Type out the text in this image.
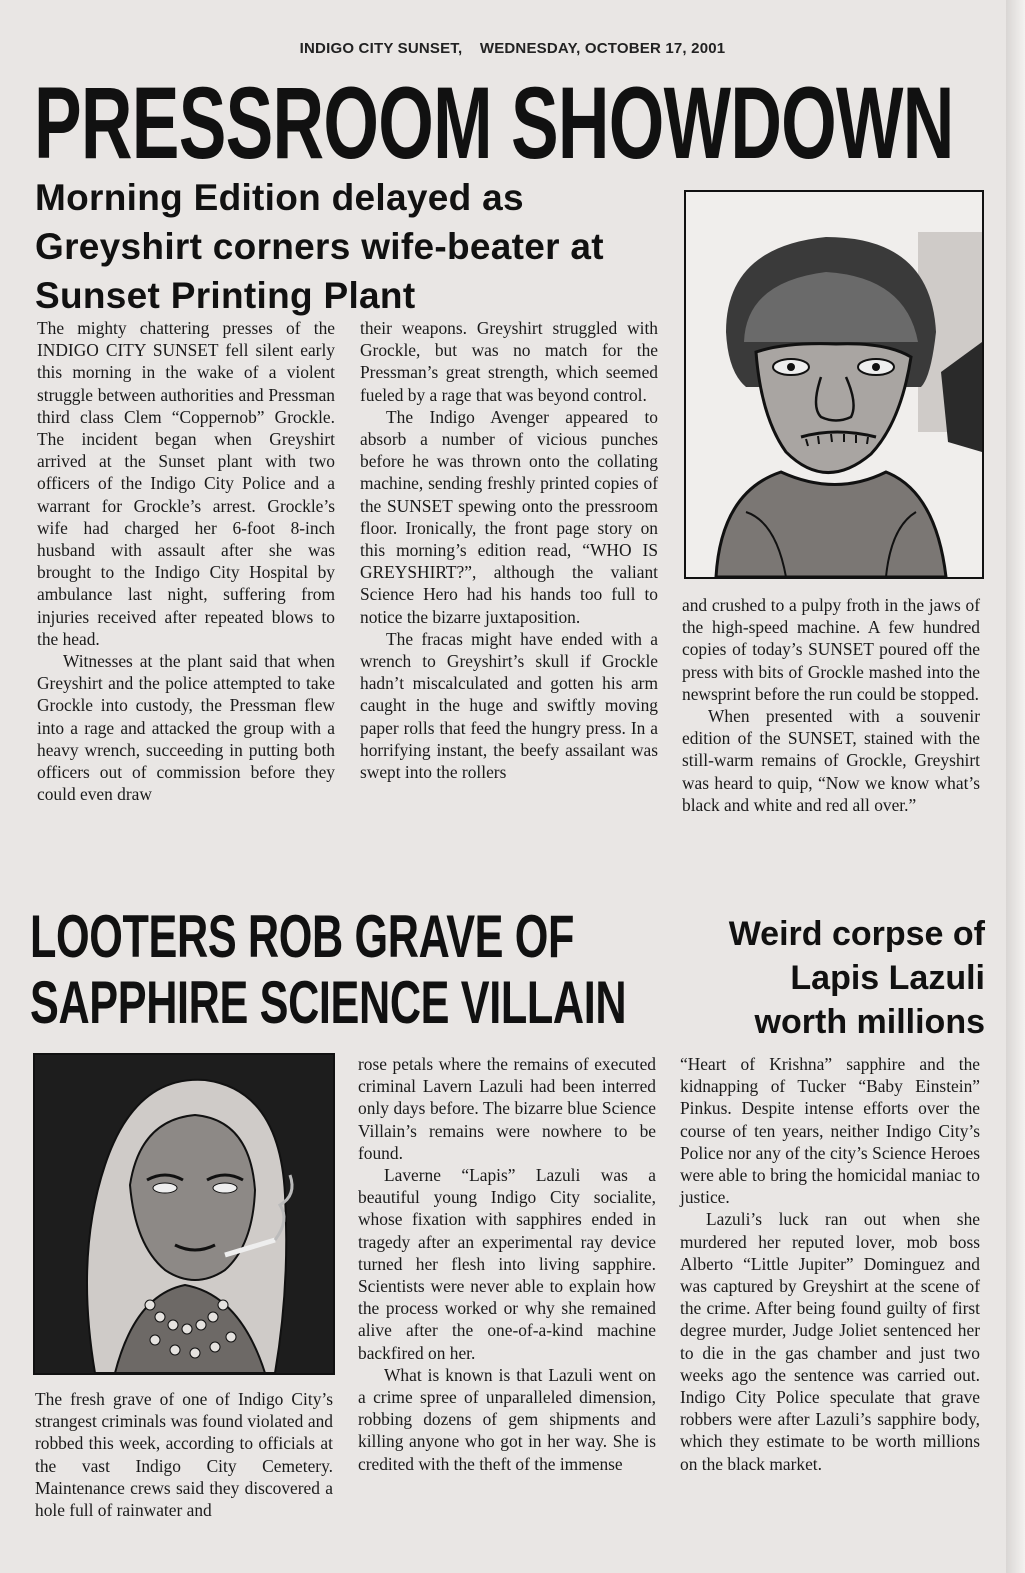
INDIGO CITY SUNSET,    WEDNESDAY, OCTOBER 17, 2001
PRESSROOM SHOWDOWN
Morning Edition delayed as Greyshirt corners wife-beater at Sunset Printing Plant

The mighty chattering presses of the INDIGO CITY SUNSET fell silent early this morning in the wake of a violent struggle between authorities and Pressman third class Clem “Coppernob” Grockle. The incident began when Greyshirt arrived at the Sunset plant with two officers of the Indigo City Police and a warrant for Grockle’s arrest. Grockle’s wife had charged her 6-foot 8-inch husband with assault after she was brought to the Indigo City Hospital by ambulance last night, suffering from injuries received after repeated blows to the head.

Witnesses at the plant said that when Greyshirt and the police attempted to take Grockle into custody, the Pressman flew into a rage and attacked the group with a heavy wrench, succeeding in putting both officers out of commission before they could even draw

their weapons. Greyshirt struggled with Grockle, but was no match for the Pressman’s great strength, which seemed fueled by a rage that was beyond control.

The Indigo Avenger appeared to absorb a number of vicious punches before he was thrown onto the collating machine, sending freshly printed copies of the SUNSET spewing onto the pressroom floor. Ironically, the front page story on this morning’s edition read, “WHO IS GREYSHIRT?”, although the valiant Science Hero had his hands too full to notice the bizarre juxtaposition.

The fracas might have ended with a wrench to Greyshirt’s skull if Grockle hadn’t miscalculated and gotten his arm caught in the huge and swiftly moving paper rolls that feed the hungry press. In a horrifying instant, the beefy assailant was swept into the rollers

and crushed to a pulpy froth in the jaws of the high-speed machine. A few hundred copies of today’s SUNSET poured off the press with bits of Grockle mashed into the newsprint before the run could be stopped.

When presented with a souvenir edition of the SUNSET, stained with the still-warm remains of Grockle, Greyshirt was heard to quip, “Now we know what’s black and white and red all over.”

LOOTERS ROB GRAVE OF
SAPPHIRE SCIENCE VILLAIN
Weird corpse of Lapis Lazuli worth millions

The fresh grave of one of Indigo City’s strangest criminals was found violated and robbed this week, according to officials at the vast Indigo City Cemetery. Maintenance crews said they discovered a hole full of rainwater and

rose petals where the remains of executed criminal Lavern Lazuli had been interred only days before. The bizarre blue Science Villain’s remains were nowhere to be found.

Laverne “Lapis” Lazuli was a beautiful young Indigo City socialite, whose fixation with sapphires ended in tragedy after an experimental ray device turned her flesh into living sapphire. Scientists were never able to explain how the process worked or why she remained alive after the one-of-a-kind machine backfired on her.

What is known is that Lazuli went on a crime spree of unparalleled dimension, robbing dozens of gem shipments and killing anyone who got in her way. She is credited with the theft of the immense

“Heart of Krishna” sapphire and the kidnapping of Tucker “Baby Einstein” Pinkus. Despite intense efforts over the course of ten years, neither Indigo City’s Police nor any of the city’s Science Heroes were able to bring the homicidal maniac to justice.

Lazuli’s luck ran out when she murdered her reputed lover, mob boss Alberto “Little Jupiter” Dominguez and was captured by Greyshirt at the scene of the crime. After being found guilty of first degree murder, Judge Joliet sentenced her to die in the gas chamber and just two weeks ago the sentence was carried out. Indigo City Police speculate that grave robbers were after Lazuli’s sapphire body, which they estimate to be worth millions on the black market.
